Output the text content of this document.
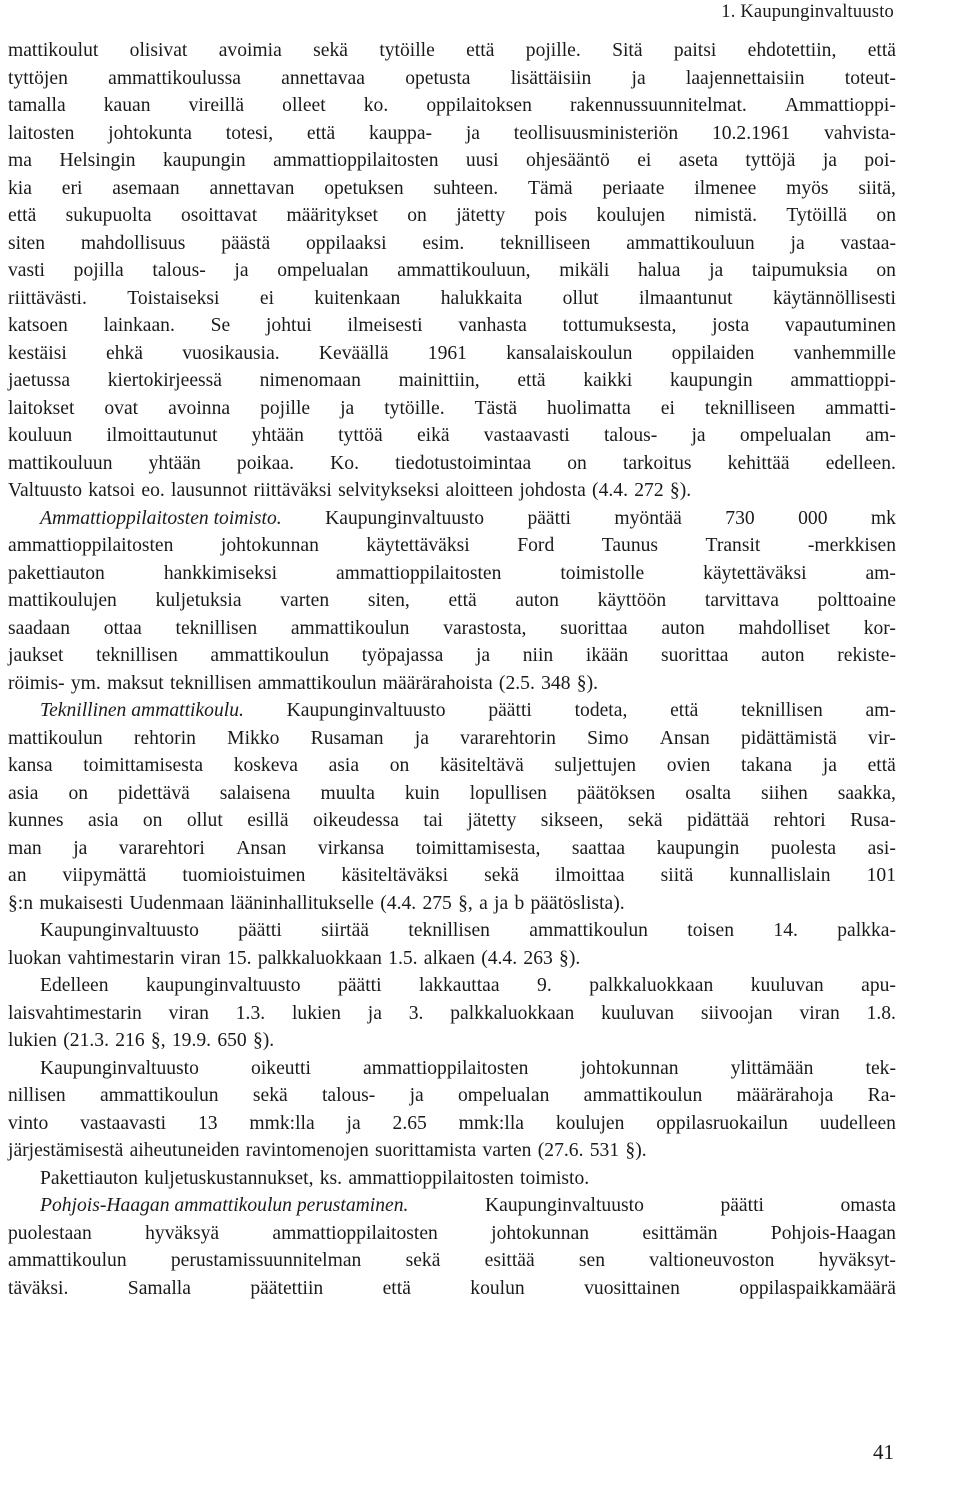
1. Kaupunginvaltuusto
mattikoulut olisivat avoimia sekä tytöille että pojille. Sitä paitsi ehdotettiin, että
tyttöjen ammattikoulussa annettavaa opetusta lisättäisiin ja laajennettaisiin toteut-
tamalla kauan vireillä olleet ko. oppilaitoksen rakennussuunnitelmat. Ammattioppi-
laitosten johtokunta totesi, että kauppa- ja teollisuusministeriön 10.2.1961 vahvista-
ma Helsingin kaupungin ammattioppilaitosten uusi ohjesääntö ei aseta tyttöjä ja poi-
kia eri asemaan annettavan opetuksen suhteen. Tämä periaate ilmenee myös siitä,
että sukupuolta osoittavat määritykset on jätetty pois koulujen nimistä. Tytöillä on
siten mahdollisuus päästä oppilaaksi esim. teknilliseen ammattikouluun ja vastaa-
vasti pojilla talous- ja ompelualan ammattikouluun, mikäli halua ja taipumuksia on
riittävästi. Toistaiseksi ei kuitenkaan halukkaita ollut ilmaantunut käytännöllisesti
katsoen lainkaan. Se johtui ilmeisesti vanhasta tottumuksesta, josta vapautuminen
kestäisi ehkä vuosikausia. Keväällä 1961 kansalaiskoulun oppilaiden vanhemmille
jaetussa kiertokirjeessä nimenomaan mainittiin, että kaikki kaupungin ammattioppi-
laitokset ovat avoinna pojille ja tytöille. Tästä huolimatta ei teknilliseen ammatti-
kouluun ilmoittautunut yhtään tyttöä eikä vastaavasti talous- ja ompelualan am-
mattikouluun yhtään poikaa. Ko. tiedotustoimintaa on tarkoitus kehittää edelleen.
Valtuusto katsoi eo. lausunnot riittäväksi selvitykseksi aloitteen johdosta (4.4. 272 §).
Ammattioppilaitosten toimisto. Kaupunginvaltuusto päätti myöntää 730 000 mk
ammattioppilaitosten johtokunnan käytettäväksi Ford Taunus Transit -merkkisen
pakettiauton	hankkimiseksi	ammattioppilaitosten	toimistolle	käytettäväksi	am-
mattikoulujen kuljetuksia varten siten, että auton käyttöön tarvittava polttoaine
saadaan ottaa teknillisen ammattikoulun varastosta, suorittaa auton mahdolliset kor-
jaukset teknillisen ammattikoulun työpajassa ja niin ikään suorittaa auton rekiste-
röimis- ym. maksut teknillisen ammattikoulun määrärahoista (2.5. 348 §).
Teknillinen ammattikoulu. Kaupunginvaltuusto päätti todeta, että teknillisen am-
mattikoulun rehtorin Mikko Rusaman ja vararehtorin Simo Ansan pidättämistä vir-
kansa toimittamisesta koskeva asia on käsiteltävä suljettujen ovien takana ja että
asia on pidettävä salaisena muulta kuin lopullisen päätöksen osalta siihen saakka,
kunnes asia on ollut esillä oikeudessa tai jätetty sikseen, sekä pidättää rehtori Rusa-
man ja vararehtori Ansan virkansa toimittamisesta, saattaa kaupungin puolesta asi-
an viipymättä tuomioistuimen käsiteltäväksi sekä ilmoittaa siitä kunnallislain 101
§:n mukaisesti Uudenmaan lääninhallitukselle (4.4. 275 §, a ja b päätöslista).
Kaupunginvaltuusto päätti siirtää teknillisen ammattikoulun toisen 14. palkka-
luokan vahtimestarin viran 15. palkkaluokkaan 1.5. alkaen (4.4. 263 §).
Edelleen kaupunginvaltuusto päätti lakkauttaa 9. palkkaluokkaan kuuluvan apu-
laisvahtimestarin viran 1.3. lukien ja 3. palkkaluokkaan kuuluvan siivoojan viran 1.8.
lukien (21.3. 216 §, 19.9. 650 §).
Kaupunginvaltuusto	oikeutti	ammattioppilaitosten	johtokunnan	ylittämään	tek-
nillisen ammattikoulun sekä talous- ja ompelualan ammattikoulun määrärahoja Ra-
vinto vastaavasti 13 mmk:lla ja 2.65 mmk:lla koulujen oppilasruokailun uudelleen
järjestämisestä aiheutuneiden ravintomenojen suorittamista varten (27.6. 531 §).
Pakettiauton kuljetuskustannukset, ks. ammattioppilaitosten toimisto.
Pohjois-Haagan ammattikoulun perustaminen.	Kaupunginvaltuusto	päätti	omasta
puolestaan	hyväksyä	ammattioppilaitosten	johtokunnan	esittämän	Pohjois-Haagan
ammattikoulun perustamissuunnitelman sekä esittää sen valtioneuvoston hyväksyt-
täväksi.	Samalla	päätettiin	että	koulun	vuosittainen	oppilaspaikkamäärä
41
